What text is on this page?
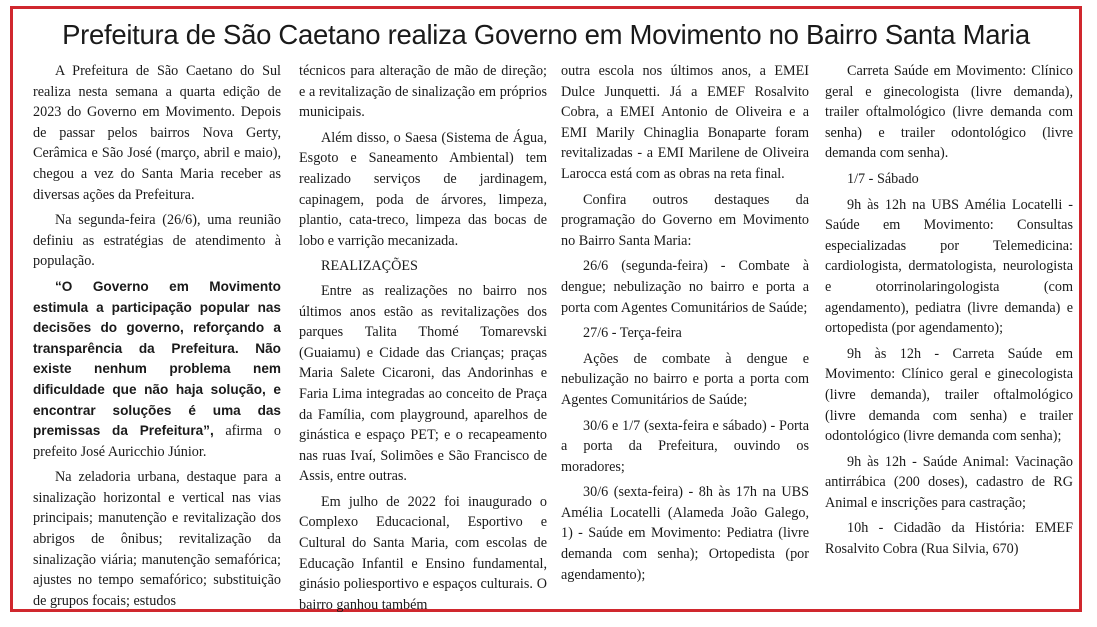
Prefeitura de São Caetano realiza Governo em Movimento no Bairro Santa Maria

A Prefeitura de São Caetano do Sul realiza nesta semana a quarta edição de 2023 do Governo em Movimento. Depois de passar pelos bairros Nova Gerty, Cerâmica e São José (março, abril e maio), chegou a vez do Santa Maria receber as diversas ações da Prefeitura.

Na segunda-feira (26/6), uma reunião definiu as estratégias de atendimento à população.

“O Governo em Movimento estimula a participação popular nas decisões do governo, reforçando a transparência da Prefeitura. Não existe nenhum problema nem dificuldade que não haja solução, e encontrar soluções é uma das premissas da Prefeitura”, afirma o prefeito José Auricchio Júnior.

Na zeladoria urbana, destaque para a sinalização horizontal e vertical nas vias principais; manutenção e revitalização dos abrigos de ônibus; revitalização da sinalização viária; manutenção semafórica; ajustes no tempo semafórico; substituição de grupos focais; estudos

técnicos para alteração de mão de direção; e a revitalização de sinalização em próprios municipais.

Além disso, o Saesa (Sistema de Água, Esgoto e Saneamento Ambiental) tem realizado serviços de jardinagem, capinagem, poda de árvores, limpeza, plantio, cata-treco, limpeza das bocas de lobo e varrição mecanizada.

REALIZAÇÕES

Entre as realizações no bairro nos últimos anos estão as revitalizações dos parques Talita Thomé Tomarevski (Guaiamu) e Cidade das Crianças; praças Maria Salete Cicaroni, das Andorinhas e Faria Lima integradas ao conceito de Praça da Família, com playground, aparelhos de ginástica e espaço PET; e o recapeamento nas ruas Ivaí, Solimões e São Francisco de Assis, entre outras.

Em julho de 2022 foi inaugurado o Complexo Educacional, Esportivo e Cultural do Santa Maria, com escolas de Educação Infantil e Ensino fundamental, ginásio poliesportivo e espaços culturais. O bairro ganhou também

outra escola nos últimos anos, a EMEI Dulce Junquetti. Já a EMEF Rosalvito Cobra, a EMEI Antonio de Oliveira e a EMI Marily Chinaglia Bonaparte foram revitalizadas - a EMI Marilene de Oliveira Larocca está com as obras na reta final.

Confira outros destaques da programação do Governo em Movimento no Bairro Santa Maria:

26/6 (segunda-feira) - Combate à dengue; nebulização no bairro e porta a porta com Agentes Comunitários de Saúde;

27/6 - Terça-feira

Ações de combate à dengue e nebulização no bairro e porta a porta com Agentes Comunitários de Saúde;

30/6 e 1/7 (sexta-feira e sábado) - Porta a porta da Prefeitura, ouvindo os moradores;

30/6 (sexta-feira) - 8h às 17h na UBS Amélia Locatelli (Alameda João Galego, 1) - Saúde em Movimento: Pediatra (livre demanda com senha); Ortopedista (por agendamento);

Carreta Saúde em Movimento: Clínico geral e ginecologista (livre demanda), trailer oftalmológico (livre demanda com senha) e trailer odontológico (livre demanda com senha).

1/7 - Sábado

9h às 12h na UBS Amélia Locatelli - Saúde em Movimento: Consultas especializadas por Telemedicina: cardiologista, dermatologista, neurologista e otorrinolaringologista (com agendamento), pediatra (livre demanda) e ortopedista (por agendamento);

9h às 12h - Carreta Saúde em Movimento: Clínico geral e ginecologista (livre demanda), trailer oftalmológico (livre demanda com senha) e trailer odontológico (livre demanda com senha);

9h às 12h - Saúde Animal: Vacinação antirrábica (200 doses), cadastro de RG Animal e inscrições para castração;

10h - Cidadão da História: EMEF Rosalvito Cobra (Rua Silvia, 670)
